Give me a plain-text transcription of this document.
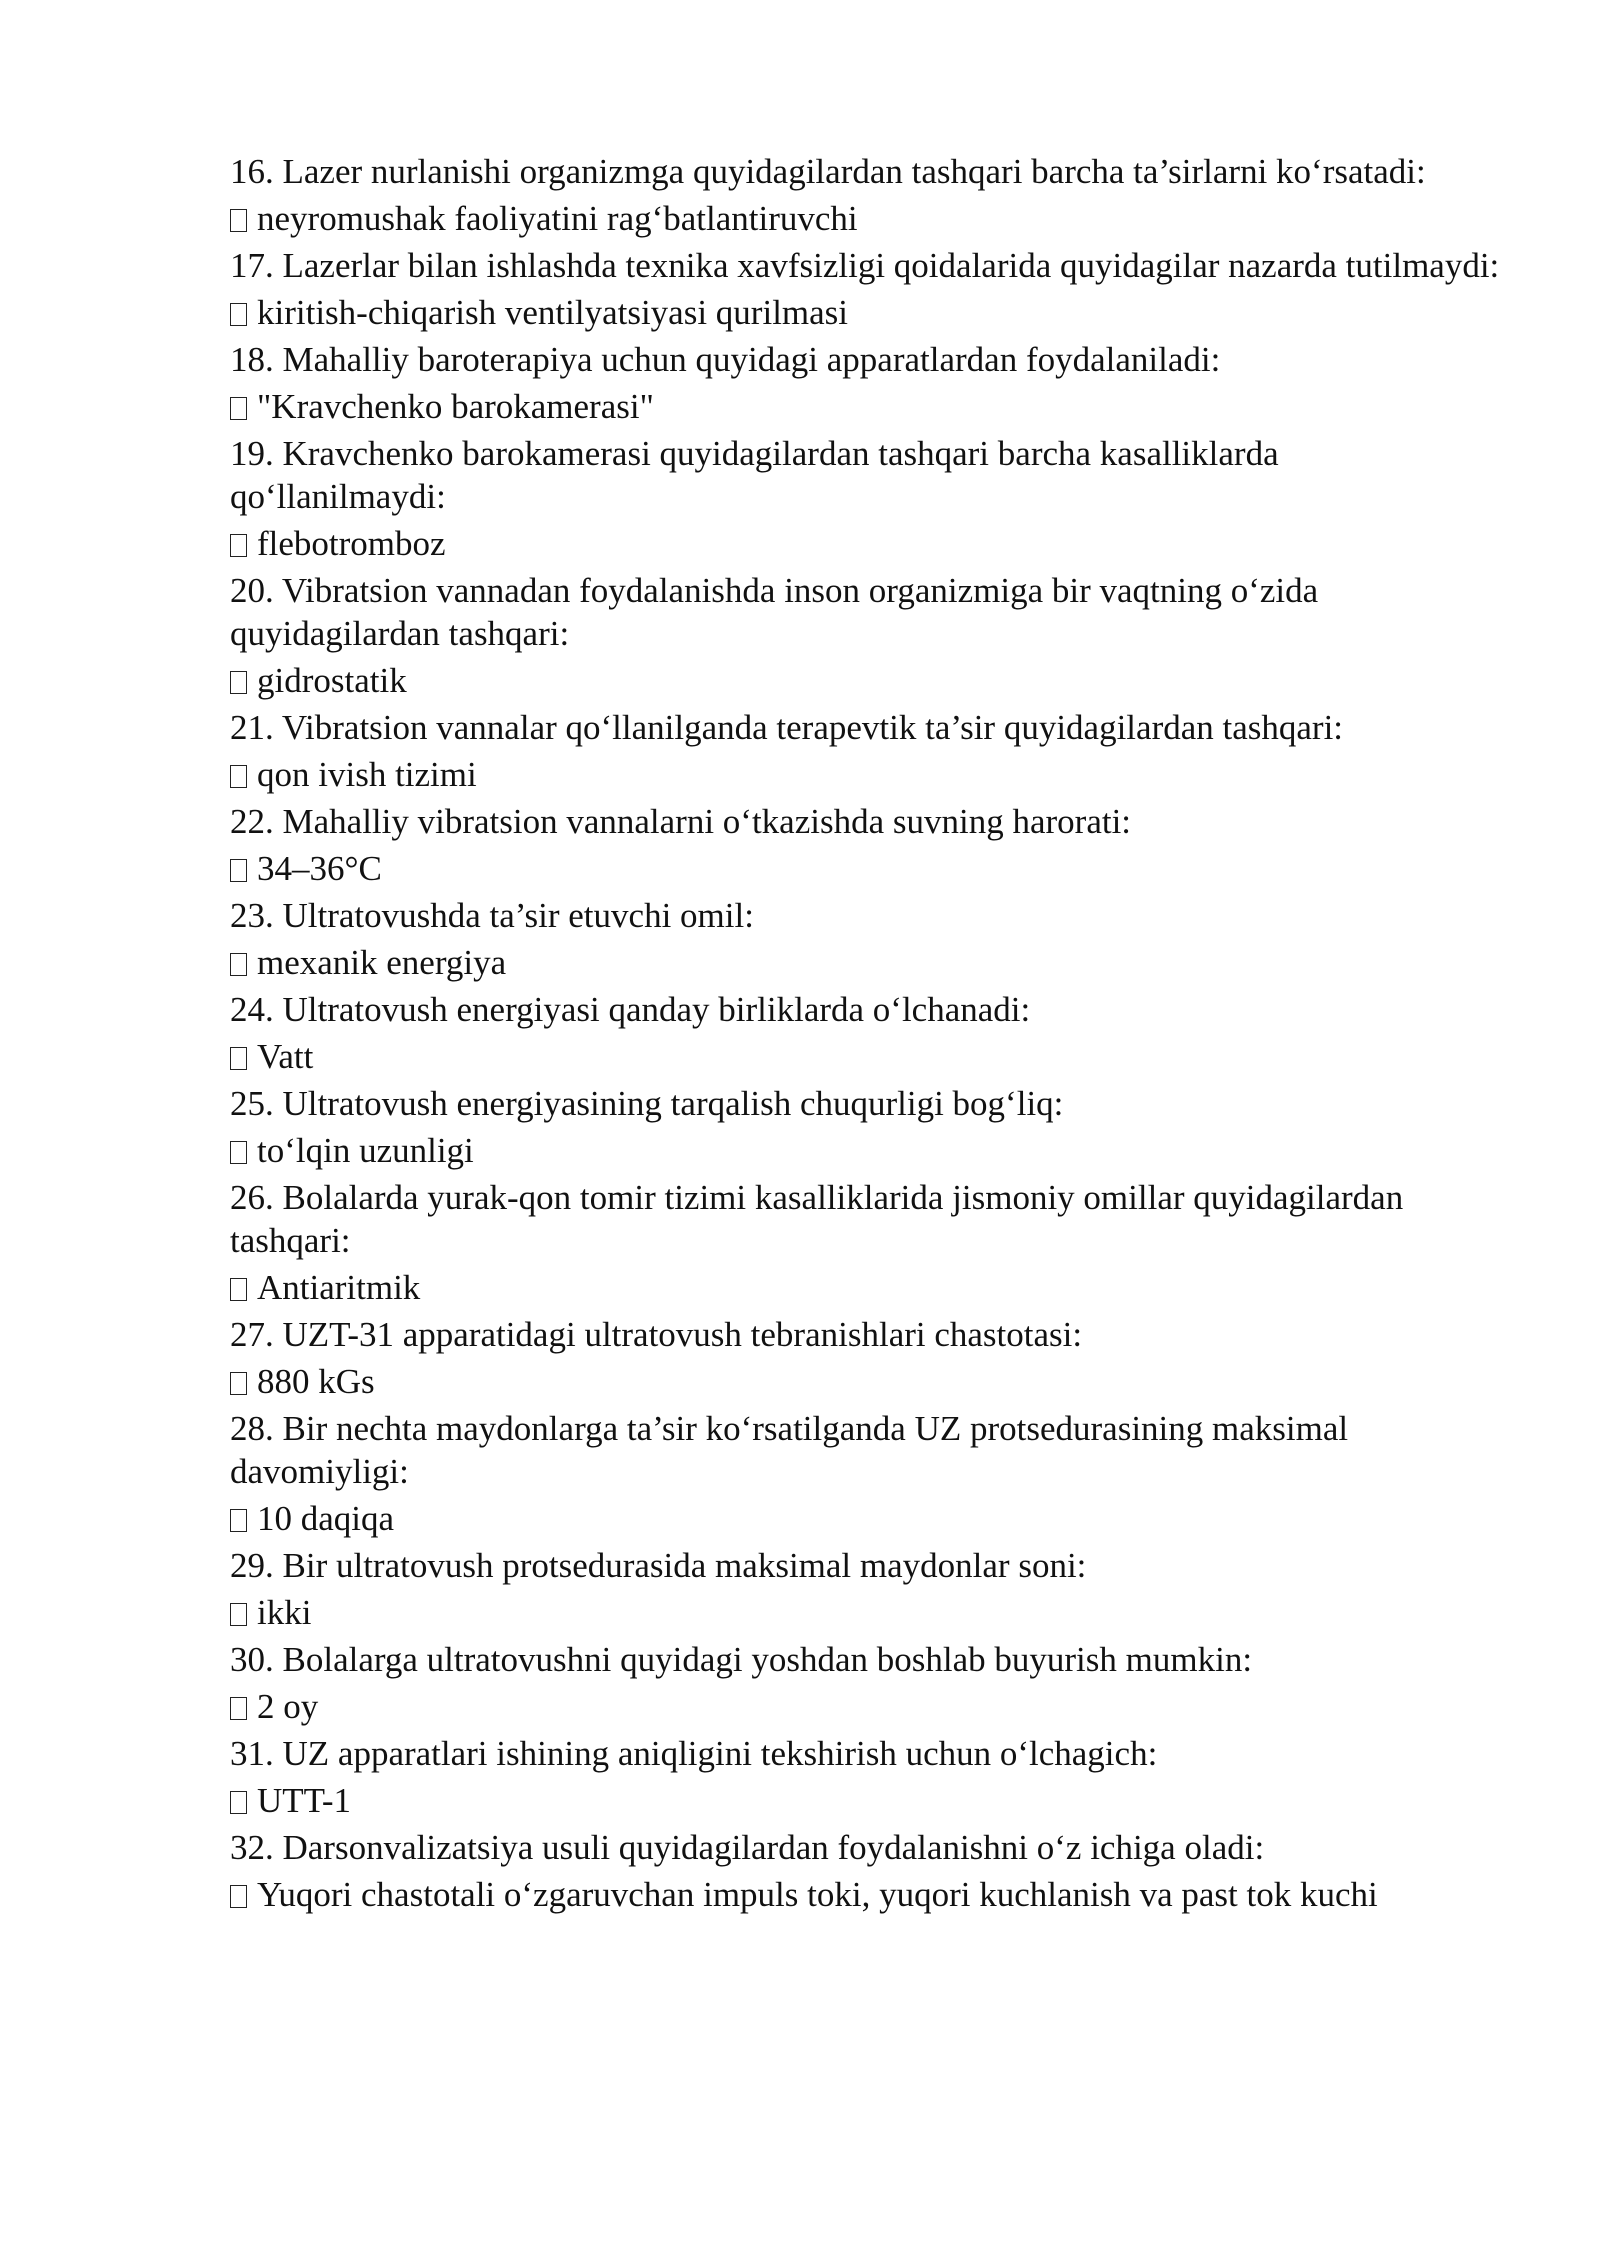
16. Lazer nurlanishi organizmga quyidagilardan tashqari barcha ta’sirlarni ko‘rsatadi:

neyromushak faoliyatini rag‘batlantiruvchi

17. Lazerlar bilan ishlashda texnika xavfsizligi qoidalarida quyidagilar nazarda tutilmaydi:

kiritish-chiqarish ventilyatsiyasi qurilmasi

18. Mahalliy baroterapiya uchun quyidagi apparatlardan foydalaniladi:

"Kravchenko barokamerasi"

19. Kravchenko barokamerasi quyidagilardan tashqari barcha kasalliklarda qo‘llanilmaydi:

flebotromboz

20. Vibratsion vannadan foydalanishda inson organizmiga bir vaqtning o‘zida quyidagilardan tashqari:

gidrostatik

21. Vibratsion vannalar qo‘llanilganda terapevtik ta’sir quyidagilardan tashqari:

qon ivish tizimi

22. Mahalliy vibratsion vannalarni o‘tkazishda suvning harorati:

34–36°C

23. Ultratovushda ta’sir etuvchi omil:

mexanik energiya

24. Ultratovush energiyasi qanday birliklarda o‘lchanadi:

Vatt

25. Ultratovush energiyasining tarqalish chuqurligi bog‘liq:

to‘lqin uzunligi

26. Bolalarda yurak-qon tomir tizimi kasalliklarida jismoniy omillar quyidagilardan tashqari:

Antiaritmik

27. UZT-31 apparatidagi ultratovush tebranishlari chastotasi:

880 kGs

28. Bir nechta maydonlarga ta’sir ko‘rsatilganda UZ protsedurasining maksimal davomiyligi:

10 daqiqa

29. Bir ultratovush protsedurasida maksimal maydonlar soni:

ikki

30. Bolalarga ultratovushni quyidagi yoshdan boshlab buyurish mumkin:

2 oy

31. UZ apparatlari ishining aniqligini tekshirish uchun o‘lchagich:

UTT-1

32. Darsonvalizatsiya usuli quyidagilardan foydalanishni o‘z ichiga oladi:

Yuqori chastotali o‘zgaruvchan impuls toki, yuqori kuchlanish va past tok kuchi
